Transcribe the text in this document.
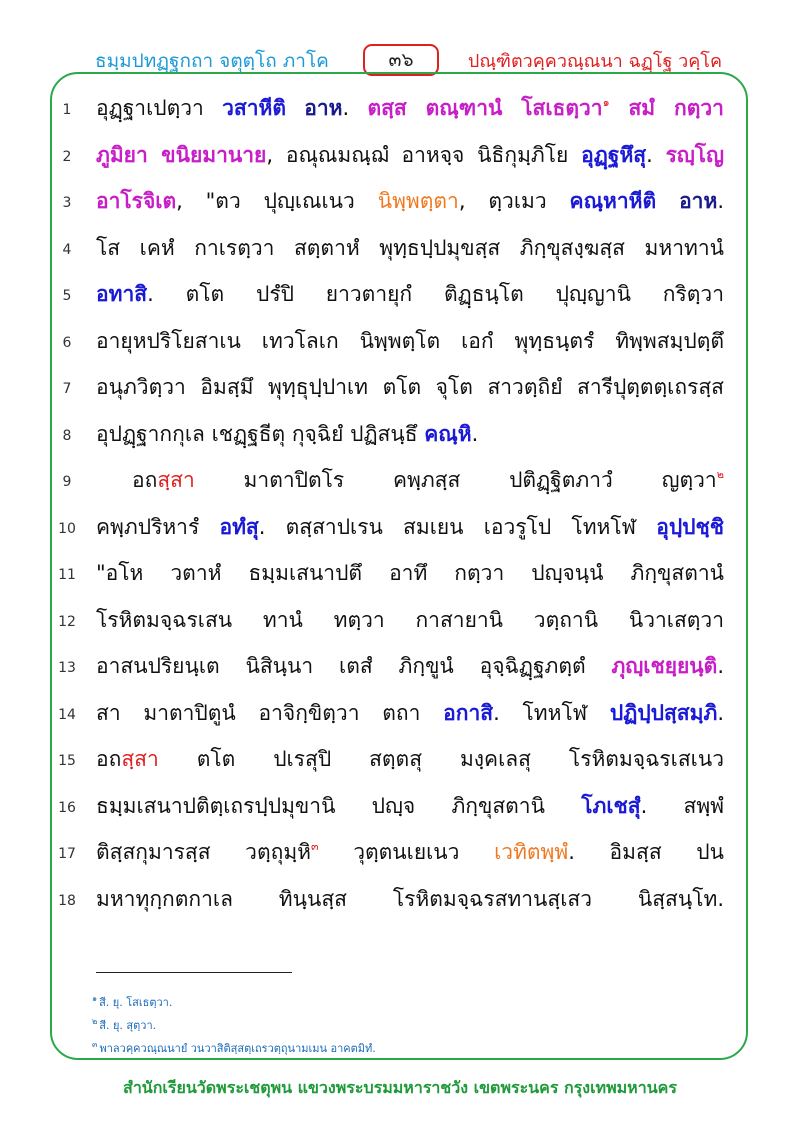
ธมฺมปทฏฺฐกถา จตุตฺโถ ภาโค	๓๖	ปณฺฑิตวคฺควณฺณนา ฉฏฺโฐ วคฺโค
1	อุฏฺฐาเปตฺวา วสาหีติ อาห. ตสฺส ตณฺฑานํ โสเธตฺวา$^๑$ สมํ กตฺวา
2	ภูมิยา ขนิยมานาย, อณุณมณฺฌํ อาหจฺจ นิธิกุมฺภิโย อุฏฺฐหึสุ. รญฺโญ
3	อาโรจิเต, "ตว ปุญฺเณเนว นิพฺพตฺตา, ตฺวเมว คณฺหาหีติ อาห.
4	โส เคหํ กาเรตฺวา สตฺตาหํ พุทฺธปฺปมุขสฺส ภิกฺขุสงฺฆสฺส มหาทานํ
5	อทาสิ. ตโต ปรํปิ ยาวตายุกํ ติฏฺธนฺโต ปุญฺญานิ กริตฺวา
6	อายุหปริโยสาเน เทวโลเก นิพฺพตฺโต เอกํ พุทฺธนฺตรํ ทิพฺพสมฺปตฺตึ
7	อนุภวิตฺวา อิมสฺมึ พุทฺธุปฺปาเท ตโต จุโต สาวตฺถิยํ สารีปุตฺตตฺเถรสฺส
8	อุปฏฺฐากกุเล เชฏฺฐธีตุ กุจฺฉิยํ ปฏิสนฺธึ คณฺหิ.
9	อถสฺสา มาตาปิตโร คพฺภสฺส ปติฏฺฐิตภาวํ ญตฺวา$^๒$
10 คพฺภปริหารํ อทํสุ. ตสฺสาปเรน สมเยน เอวรูโป โทหโฬ อุปฺปชฺชิ
11 "อโห วตาหํ ธมฺมเสนาปตึ อาทึ กตฺวา ปญฺจนฺนํ ภิกฺขุสตานํ
12 โรหิตมจฺฉรเสน ทานํ ทตฺวา กาสายานิ วตฺถานิ นิวาเสตฺวา
13 อาสนปริยนฺเต นิสินฺนา เตสํ ภิกฺขูนํ อุจฺฉิฏฺฐภตฺตํ ภุญฺเชยฺยนฺติ.
14 สา มาตาปิตูนํ อาจิกฺขิตฺวา ตถา อกาสิ. โทหโฬ ปฏิปฺปสฺสมฺภิ.
15 อถสฺสา ตโต ปเรสุปิ สตฺตสุ มงฺคเลสุ โรหิตมจฺฉรเสเนว
16 ธมฺมเสนาปติตฺเถรปฺปมุขานิ ปญฺจ ภิกฺขุสตานิ โภเชสุํ. สพฺพํ
17 ติสฺสกุมารสฺส วตฺถุมฺหิ$^๓$ วุตฺตนเยเนว เวทิตพฺพํ. อิมสฺส ปน
18 มหาทุกฺกตกาเล ทินฺนสฺส โรหิตมจฺฉรสทานสฺเสว นิสฺสนฺโท.
$^๑$ สี. ยุ. โสเธตฺวา.
$^๒$ สี. ยุ. สุตฺวา.
$^๓$ พาลวคฺควณฺณนายํ วนวาสิติสฺสตฺเถรวตฺถุนามเมน อาคตมิทํ.
สำนักเรียนวัดพระเชตุพน แขวงพระบรมมหาราชวัง เขตพระนคร กรุงเทพมหานคร
